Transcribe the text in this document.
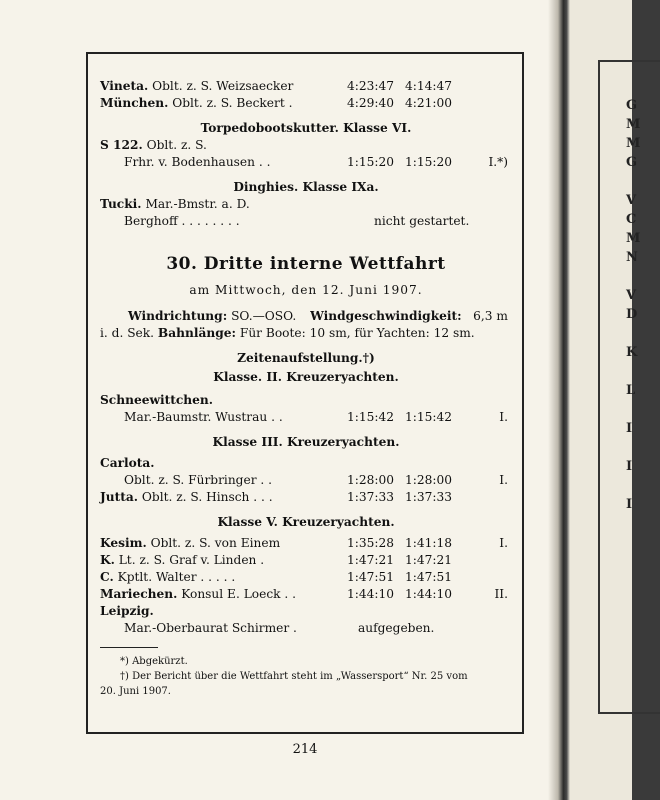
Vineta. Oblt. z. S. Weizsaecker	4:23:47 4:14:47
München. Oblt. z. S. Beckert .	4:29:40 4:21:00
Torpedobootskutter. Klasse VI.
S 122. Oblt. z. S.
Frhr. v. Bodenhausen . .	1:15:20 1:15:20	I.*)
Dinghies. Klasse IXa.
Tucki. Mar.-Bmstr. a. D.
Berghoff . . . . . . . .	nicht gestartet.
30. Dritte interne Wettfahrt
am Mittwoch, den 12. Juni 1907.
Windrichtung: SO.—OSO. Windgeschwindigkeit: 6,3 m
i. d. Sek. Bahnlänge: Für Boote: 10 sm, für Yachten: 12 sm.
Zeitenaufstellung.†)
Klasse. II. Kreuzeryachten.
Schneewittchen.
Mar.-Baumstr. Wustrau . .	1:15:42 1:15:42	I.
Klasse III. Kreuzeryachten.
Carlota.
Oblt. z. S. Fürbringer . .	1:28:00 1:28:00	I.
Jutta. Oblt. z. S. Hinsch . . .	1:37:33 1:37:33
Klasse V. Kreuzeryachten.
Kesim. Oblt. z. S. von Einem	1:35:28 1:41:18	I.
K. Lt. z. S. Graf v. Linden .	1:47:21 1:47:21
C. Kptlt. Walter . . . . .	1:47:51 1:47:51
Mariechen. Konsul E. Loeck . .	1:44:10 1:44:10	II.
Leipzig.
Mar.-Oberbaurat Schirmer .	aufgegeben.
*) Abgekürzt.
†) Der Bericht über die Wettfahrt steht im „Wassersport“ Nr. 25 vom
20. Juni 1907.
214
G
M
M
G
V
C
M
N
V
D
K
L
I
I
I
